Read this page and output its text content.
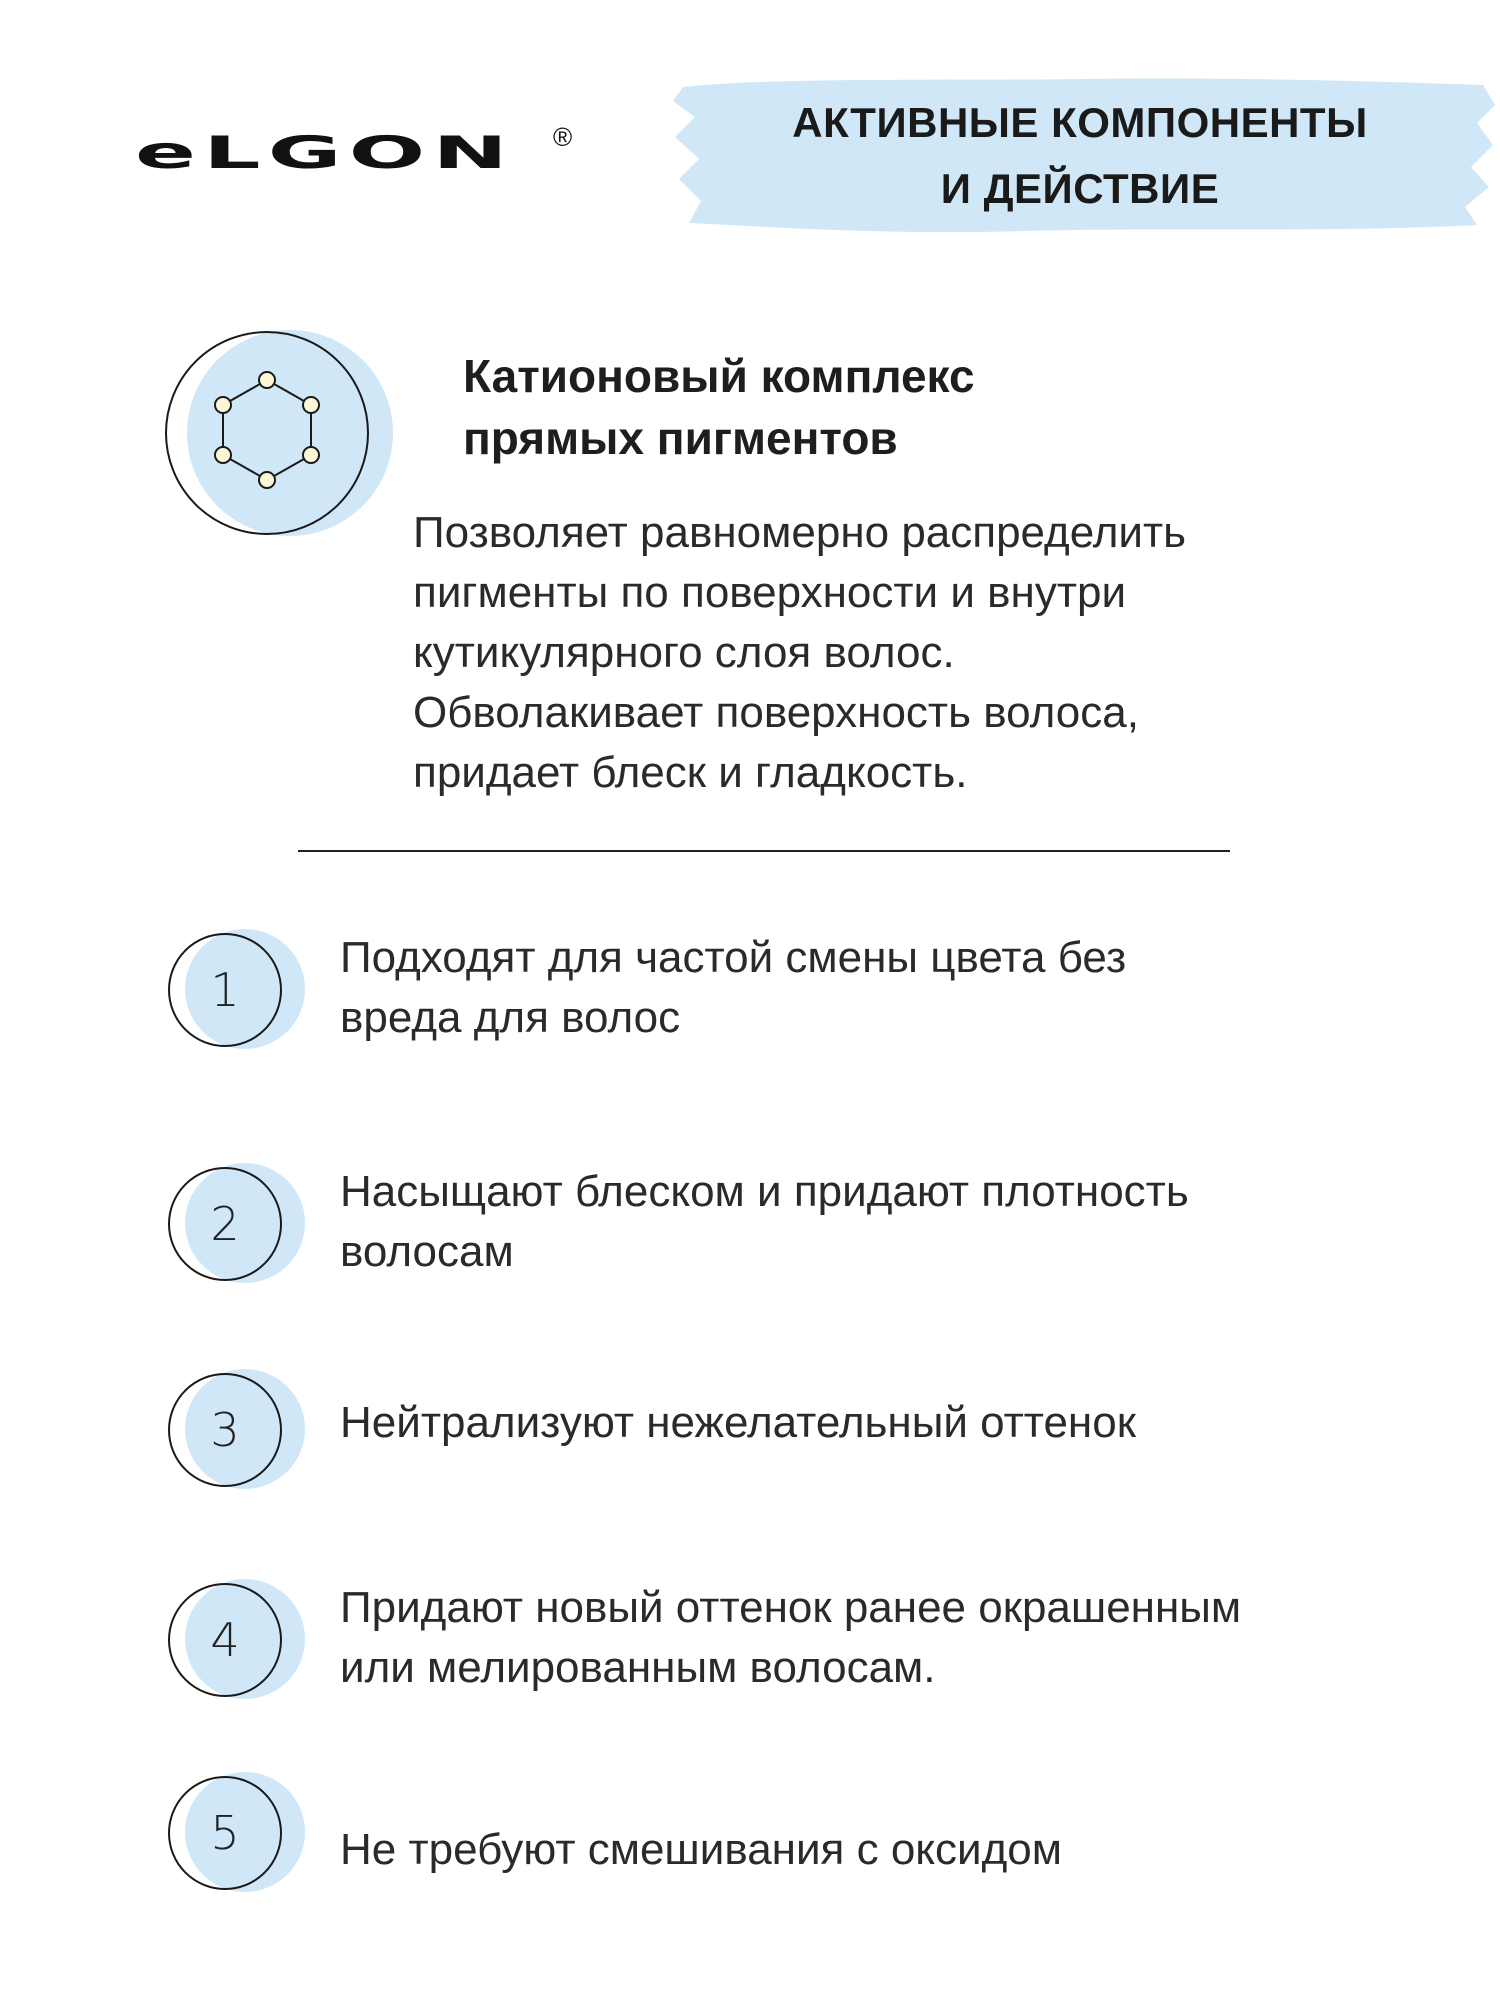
eLGON ®	АКТИВНЫЕ КОМПОНЕНТЫ
И ДЕЙСТВИЕ
Катионовый комплекс
прямых пигментов
Позволяет равномерно распределить
пигменты по поверхности и внутри
кутикулярного слоя волос.
Обволакивает поверхность волоса,
придает блеск и гладкость.
1
Подходят для частой смены цвета без
вреда для волос
2
Насыщают блеском и придают плотность
волосам
3	Нейтрализуют нежелательный оттенок
4
Придают новый оттенок ранее окрашенным
или мелированным волосам.
5	Не требуют смешивания с оксидом
